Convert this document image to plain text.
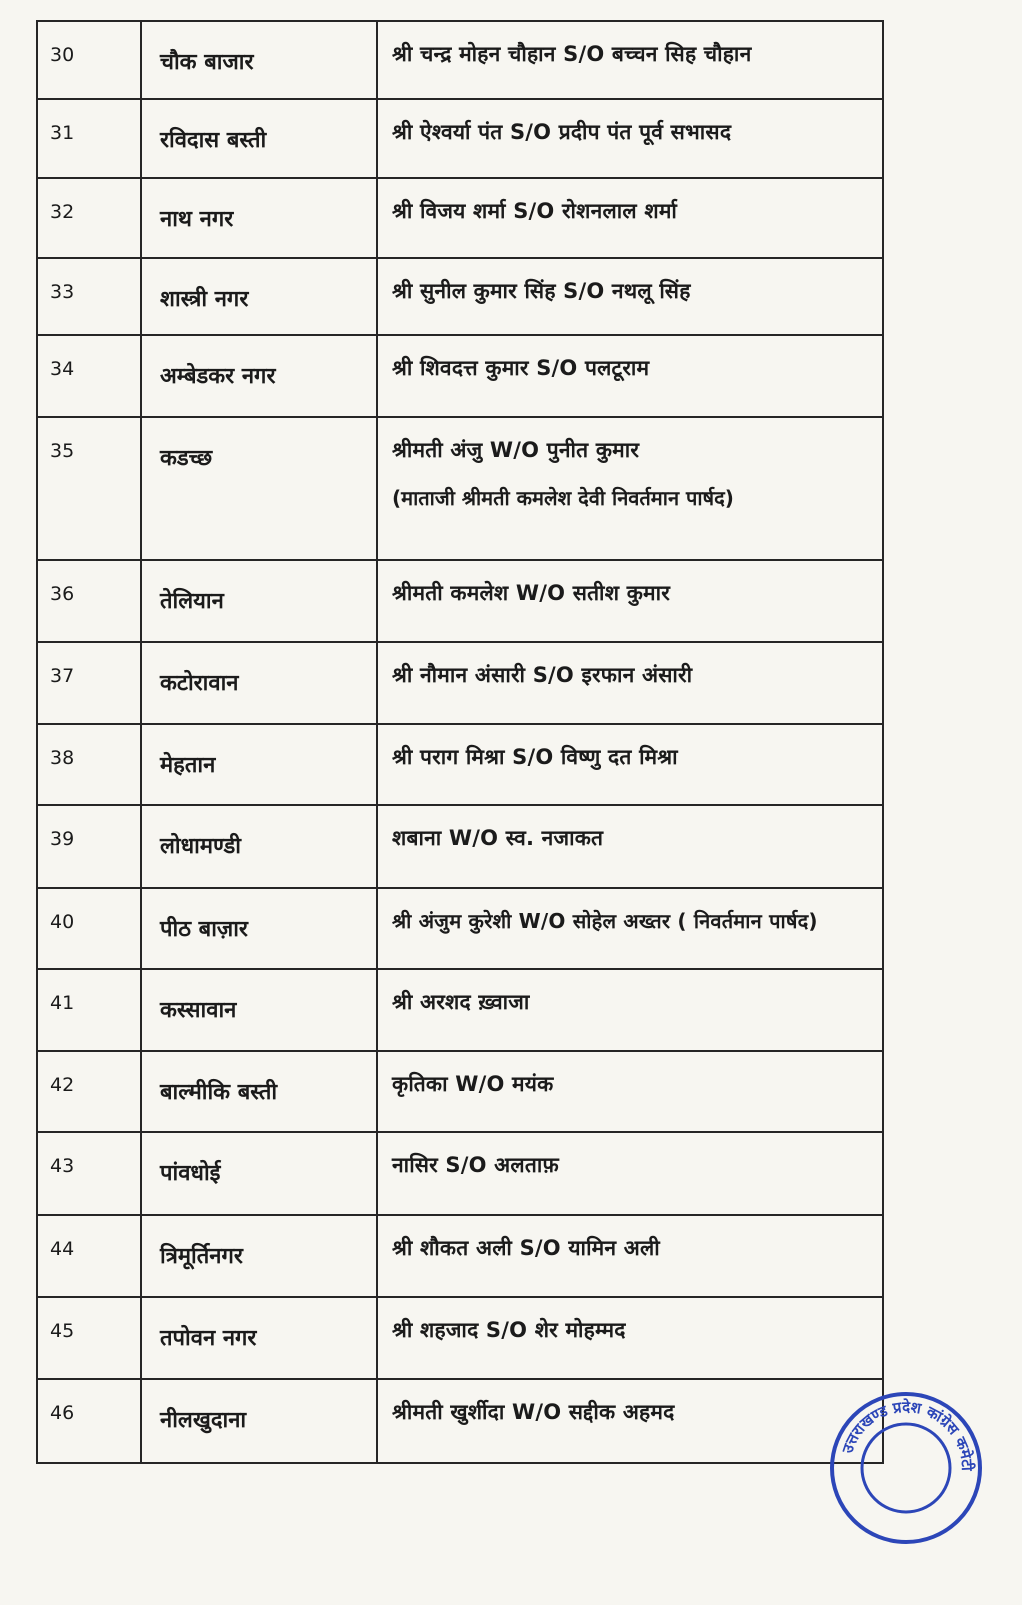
30	चौक बाजार	श्री चन्द्र मोहन चौहान S/O बच्चन सिह चौहान

31	रविदास बस्ती	श्री ऐश्वर्या पंत S/O प्रदीप पंत पूर्व सभासद

32	नाथ नगर	श्री विजय शर्मा S/O रोशनलाल शर्मा

33	शास्त्री नगर	श्री सुनील कुमार सिंह S/O नथलू सिंह

34	अम्बेडकर नगर	श्री शिवदत्त कुमार S/O पलटूराम

35	कडच्छ	श्रीमती अंजु W/O पुनीत कुमार
(माताजी श्रीमती कमलेश देवी निवर्तमान पार्षद)

36	तेलियान	श्रीमती कमलेश W/O सतीश कुमार

37	कटोरावान	श्री नौमान अंसारी S/O इरफान अंसारी

38	मेहतान	श्री पराग मिश्रा S/O विष्णु दत मिश्रा

39	लोधामण्डी	शबाना W/O स्व. नजाकत

40	पीठ बाज़ार	श्री अंजुम कुरेशी W/O सोहेल अख्तर ( निवर्तमान पार्षद)

41	कस्सावान	श्री अरशद ख़्वाजा

42	बाल्मीकि बस्ती	कृतिका W/O मयंक

43	पांवधोई	नासिर S/O अलताफ़

44	त्रिमूर्तिनगर	श्री शौकत अली S/O यामिन अली

45	तपोवन नगर	श्री शहजाद S/O शेर मोहम्मद

46	नीलखुदाना	श्रीमती खुर्शीदा W/O सद्दीक अहमद
उत्तराखण्ड प्रदेश कांग्रेस कमेटी
